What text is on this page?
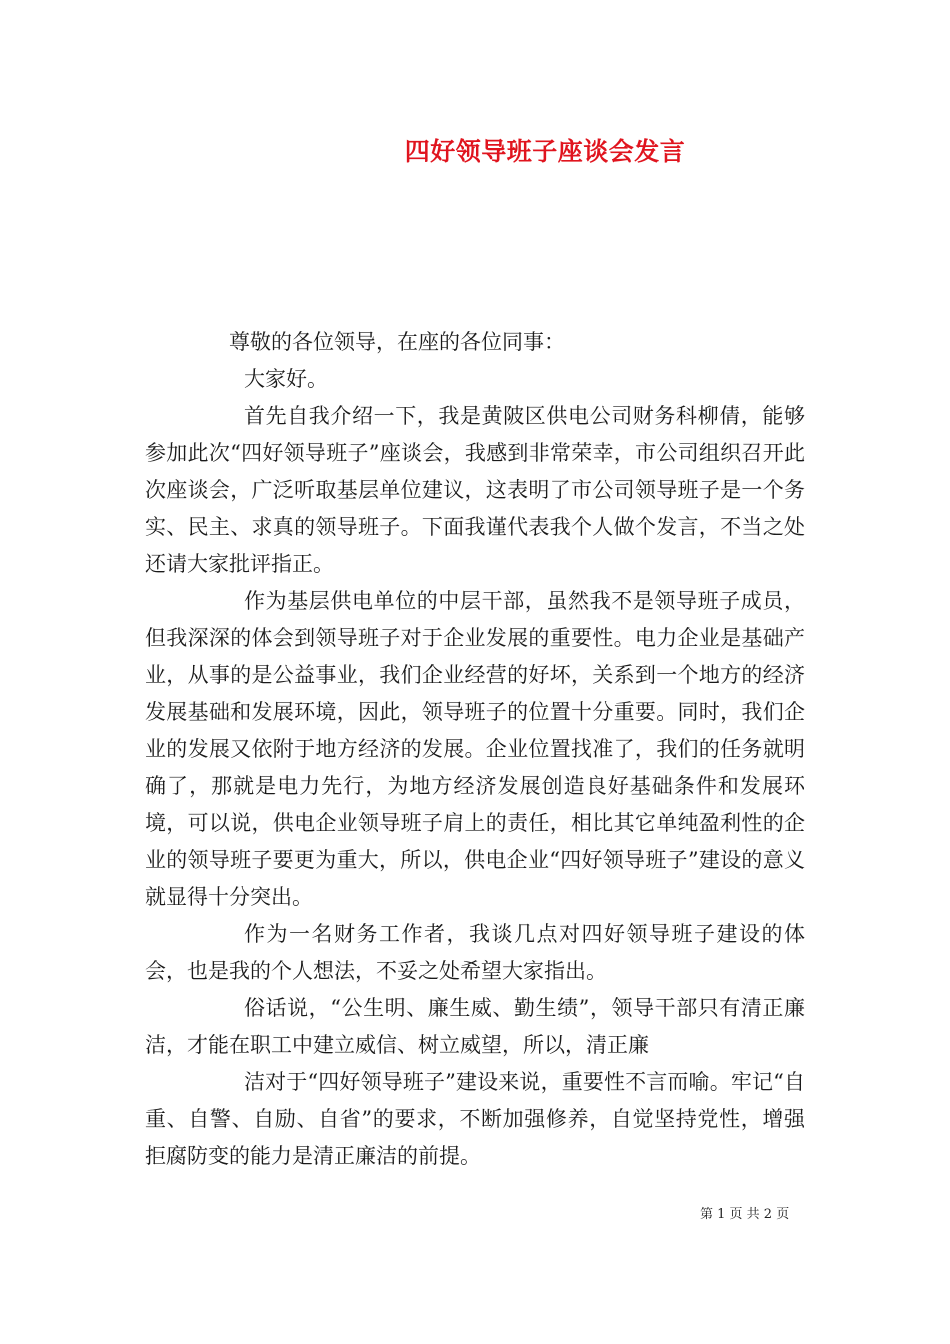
四好领导班子座谈会发言

尊敬的各位领导，在座的各位同事：

大家好。

首先自我介绍一下，我是黄陂区供电公司财务科柳倩，能够参加此次“四好领导班子”座谈会，我感到非常荣幸，市公司组织召开此次座谈会，广泛听取基层单位建议，这表明了市公司领导班子是一个务实、民主、求真的领导班子。下面我谨代表我个人做个发言，不当之处还请大家批评指正。

作为基层供电单位的中层干部，虽然我不是领导班子成员，但我深深的体会到领导班子对于企业发展的重要性。电力企业是基础产业，从事的是公益事业，我们企业经营的好坏，关系到一个地方的经济发展基础和发展环境，因此，领导班子的位置十分重要。同时，我们企业的发展又依附于地方经济的发展。企业位置找准了，我们的任务就明确了，那就是电力先行，为地方经济发展创造良好基础条件和发展环境，可以说，供电企业领导班子肩上的责任，相比其它单纯盈利性的企业的领导班子要更为重大，所以，供电企业“四好领导班子”建设的意义就显得十分突出。

作为一名财务工作者，我谈几点对四好领导班子建设的体会，也是我的个人想法，不妥之处希望大家指出。

俗话说，“公生明、廉生威、勤生绩”，领导干部只有清正廉洁，才能在职工中建立威信、树立威望，所以，清正廉

洁对于“四好领导班子”建设来说，重要性不言而喻。牢记“自重、自警、自励、自省”的要求，不断加强修养，自觉坚持党性，增强拒腐防变的能力是清正廉洁的前提。

第 1 页 共 2 页
